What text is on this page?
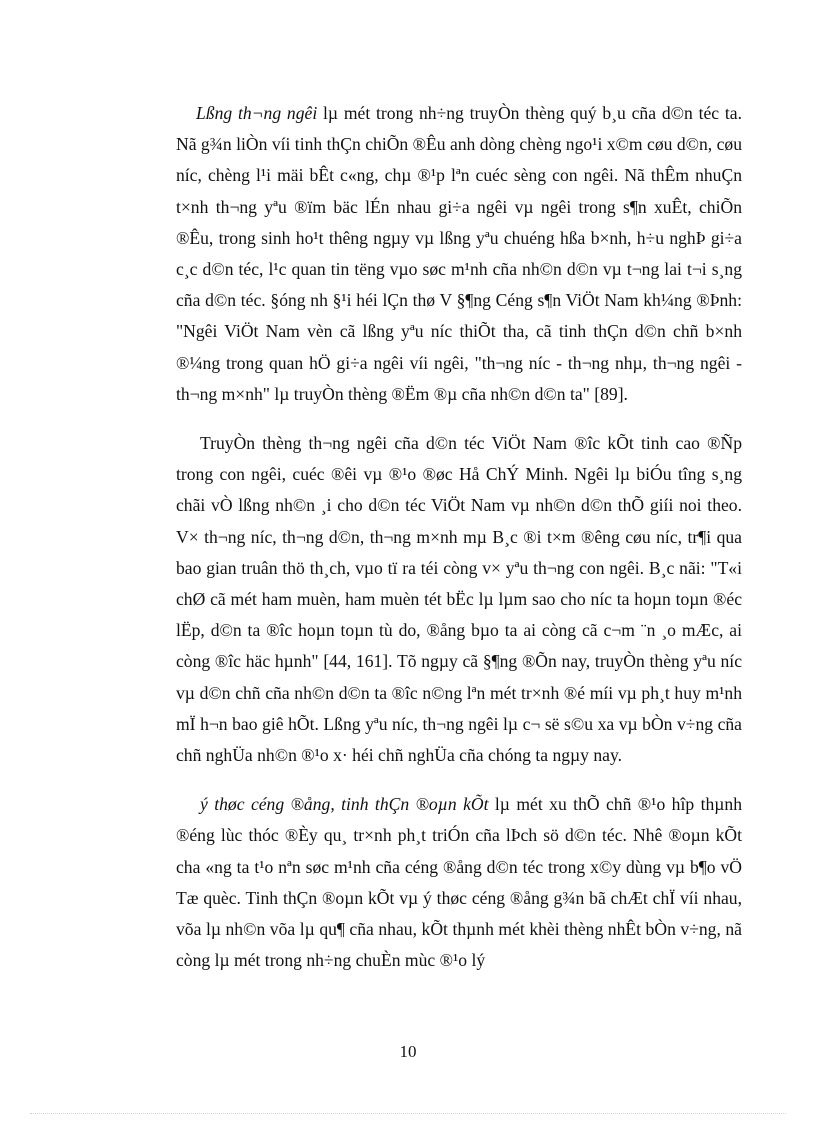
Lßng th¬ng ngêi lµ mét trong nh÷ng truyÒn thèng quý b¸u cña d©n téc ta. Nã g¾n liÒn víi tinh thÇn chiÕn ®Êu anh dòng chèng ngo¹i x©m cøu d©n, cøu níc, chèng l¹i mäi bÊt c«ng, chµ ®¹p lªn cuéc sèng con ngêi. Nã thÊm nhuÇn t×nh th¬ng yªu ®ïm bäc lÉn nhau gi÷a ngêi vµ ngêi trong s¶n xuÊt, chiÕn ®Êu, trong sinh ho¹t thêng ngµy vµ lßng yªu chuéng hßa b×nh, h÷u nghÞ gi÷a c¸c d©n téc, l¹c quan tin tëng vµo søc m¹nh cña nh©n d©n vµ t¬ng lai t¬i s¸ng cña d©n téc. §óng nh §¹i héi lÇn thø V §¶ng Céng s¶n ViÖt Nam kh¼ng ®Þnh: "Ngêi ViÖt Nam vèn cã lßng yªu níc thiÕt tha, cã tinh thÇn d©n chñ b×nh ®¼ng trong quan hÖ gi÷a ngêi víi ngêi, "th¬ng níc - th¬ng nhµ, th¬ng ngêi - th¬ng m×nh" lµ truyÒn thèng ®Ëm ®µ cña nh©n d©n ta" [89].

TruyÒn thèng th¬ng ngêi cña d©n téc ViÖt Nam ®îc kÕt tinh cao ®Ñp trong con ngêi, cuéc ®êi vµ ®¹o ®øc Hå ChÝ Minh. Ngêi lµ biÓu tîng s¸ng chãi vÒ lßng nh©n ¸i cho d©n téc ViÖt Nam vµ nh©n d©n thÕ giíi noi theo. V× th¬ng níc, th¬ng d©n, th¬ng m×nh mµ B¸c ®i t×m ®êng cøu níc, tr¶i qua bao gian truân thö th¸ch, vµo tï ra téi còng v× yªu th¬ng con ngêi. B¸c nãi: "T«i chØ cã mét ham muèn, ham muèn tét bËc lµ lµm sao cho níc ta hoµn toµn ®éc lËp, d©n ta ®îc hoµn toµn tù do, ®ång bµo ta ai còng cã c¬m ¨n ¸o mÆc, ai còng ®îc häc hµnh" [44, 161]. Tõ ngµy cã §¶ng ®Õn nay, truyÒn thèng yªu níc vµ d©n chñ cña nh©n d©n ta ®îc n©ng lªn mét tr×nh ®é míi vµ ph¸t huy m¹nh mÏ h¬n bao giê hÕt. Lßng yªu níc, th¬ng ngêi lµ c¬ së s©u xa vµ bÒn v÷ng cña chñ nghÜa nh©n ®¹o x· héi chñ nghÜa cña chóng ta ngµy nay.

ý thøc céng ®ång, tinh thÇn ®oµn kÕt lµ mét xu thÕ chñ ®¹o hîp thµnh ®éng lùc thóc ®Èy qu¸ tr×nh ph¸t triÓn cña lÞch sö d©n téc. Nhê ®oµn kÕt cha «ng ta t¹o nªn søc m¹nh cña céng ®ång d©n téc trong x©y dùng vµ b¶o vÖ Tæ quèc. Tinh thÇn ®oµn kÕt vµ ý thøc céng ®ång g¾n bã chÆt chÏ víi nhau, võa lµ nh©n võa lµ qu¶ cña nhau, kÕt thµnh mét khèi thèng nhÊt bÒn v÷ng, nã còng lµ mét trong nh÷ng chuÈn mùc ®¹o lý

10
